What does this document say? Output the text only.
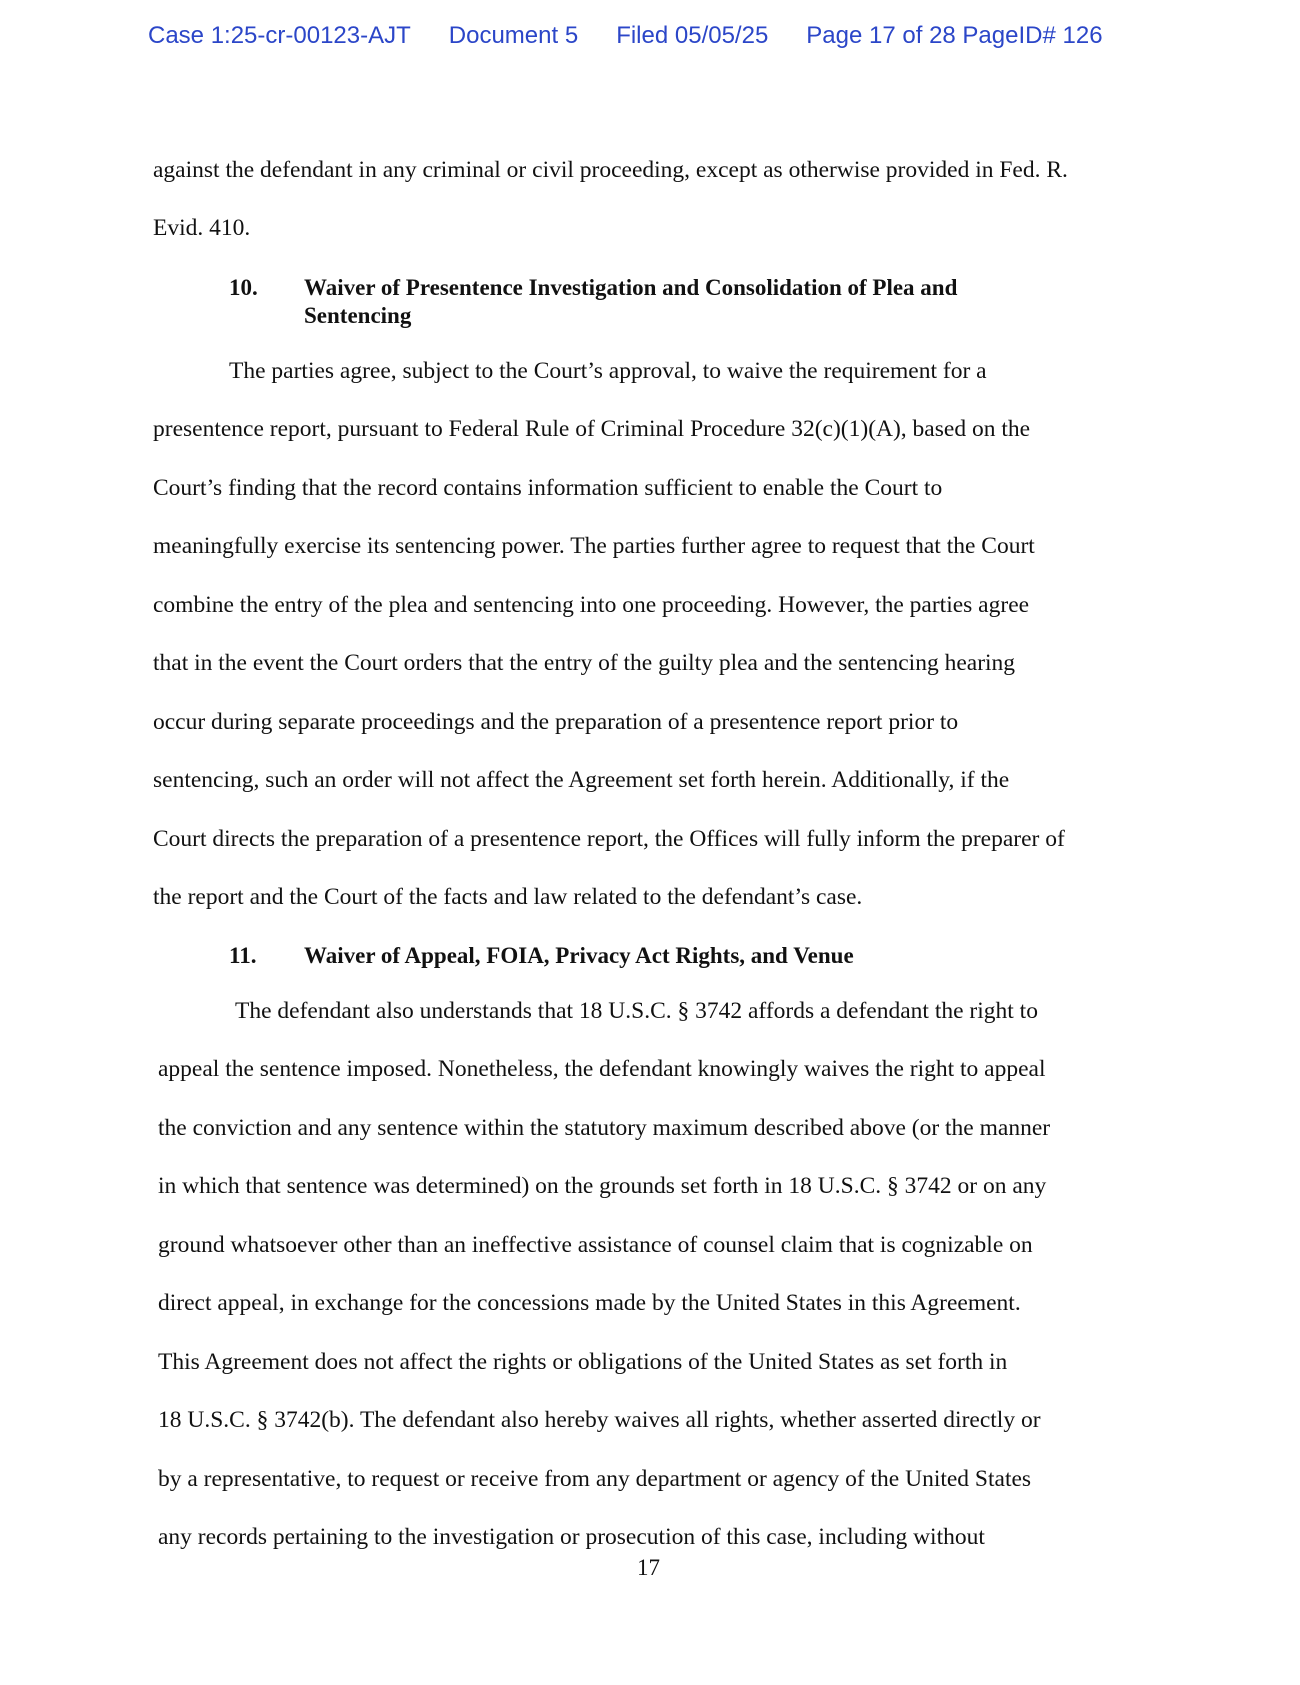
Case 1:25-cr-00123-AJT Document 5 Filed 05/05/25 Page 17 of 28 PageID# 126
against the defendant in any criminal or civil proceeding, except as otherwise provided in Fed. R.
Evid. 410.
10. Waiver of Presentence Investigation and Consolidation of Plea and Sentencing
The parties agree, subject to the Court’s approval, to waive the requirement for a
presentence report, pursuant to Federal Rule of Criminal Procedure 32(c)(1)(A), based on the
Court’s finding that the record contains information sufficient to enable the Court to
meaningfully exercise its sentencing power. The parties further agree to request that the Court
combine the entry of the plea and sentencing into one proceeding. However, the parties agree
that in the event the Court orders that the entry of the guilty plea and the sentencing hearing
occur during separate proceedings and the preparation of a presentence report prior to
sentencing, such an order will not affect the Agreement set forth herein. Additionally, if the
Court directs the preparation of a presentence report, the Offices will fully inform the preparer of
the report and the Court of the facts and law related to the defendant’s case.
11. Waiver of Appeal, FOIA, Privacy Act Rights, and Venue
The defendant also understands that 18 U.S.C. § 3742 affords a defendant the right to
appeal the sentence imposed. Nonetheless, the defendant knowingly waives the right to appeal
the conviction and any sentence within the statutory maximum described above (or the manner
in which that sentence was determined) on the grounds set forth in 18 U.S.C. § 3742 or on any
ground whatsoever other than an ineffective assistance of counsel claim that is cognizable on
direct appeal, in exchange for the concessions made by the United States in this Agreement.
This Agreement does not affect the rights or obligations of the United States as set forth in
18 U.S.C. § 3742(b). The defendant also hereby waives all rights, whether asserted directly or
by a representative, to request or receive from any department or agency of the United States
any records pertaining to the investigation or prosecution of this case, including without
17
